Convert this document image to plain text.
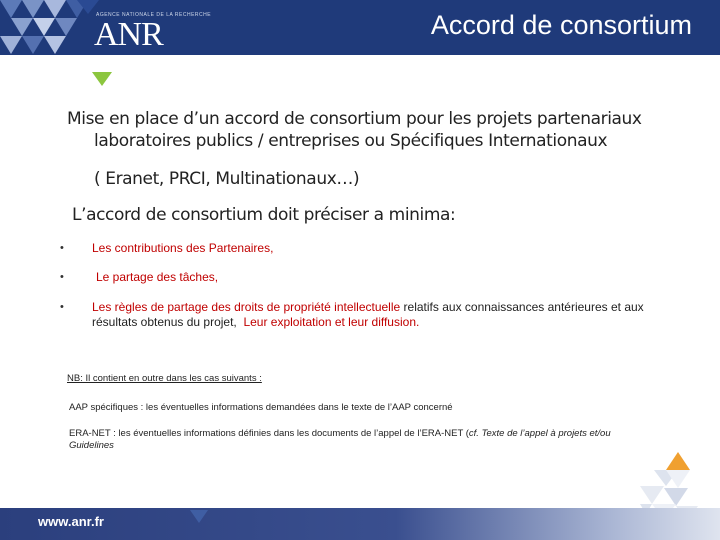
AGENCE NATIONALE DE LA RECHERCHE
ANR	Accord de consortium
Mise en place d’un accord de consortium pour les projets partenariaux
laboratoires publics / entreprises ou Spécifiques Internationaux
( Eranet, PRCI, Multinationaux…)
L’accord de consortium doit préciser a minima:
• Les contributions des Partenaires,
•	Le partage des tâches,
• Les règles de partage des droits de propriété intellectuelle relatifs aux connaissances antérieures et aux résultats obtenus du projet, Leur exploitation et leur diffusion.
NB: Il contient en outre dans les cas suivants :
AAP spécifiques : les éventuelles informations demandées dans le texte de l’AAP concerné
ERA-NET : les éventuelles informations définies dans les documents de l’appel de l’ERA-NET (cf. Texte de l’appel à projets et/ou Guidelines
www.anr.fr
